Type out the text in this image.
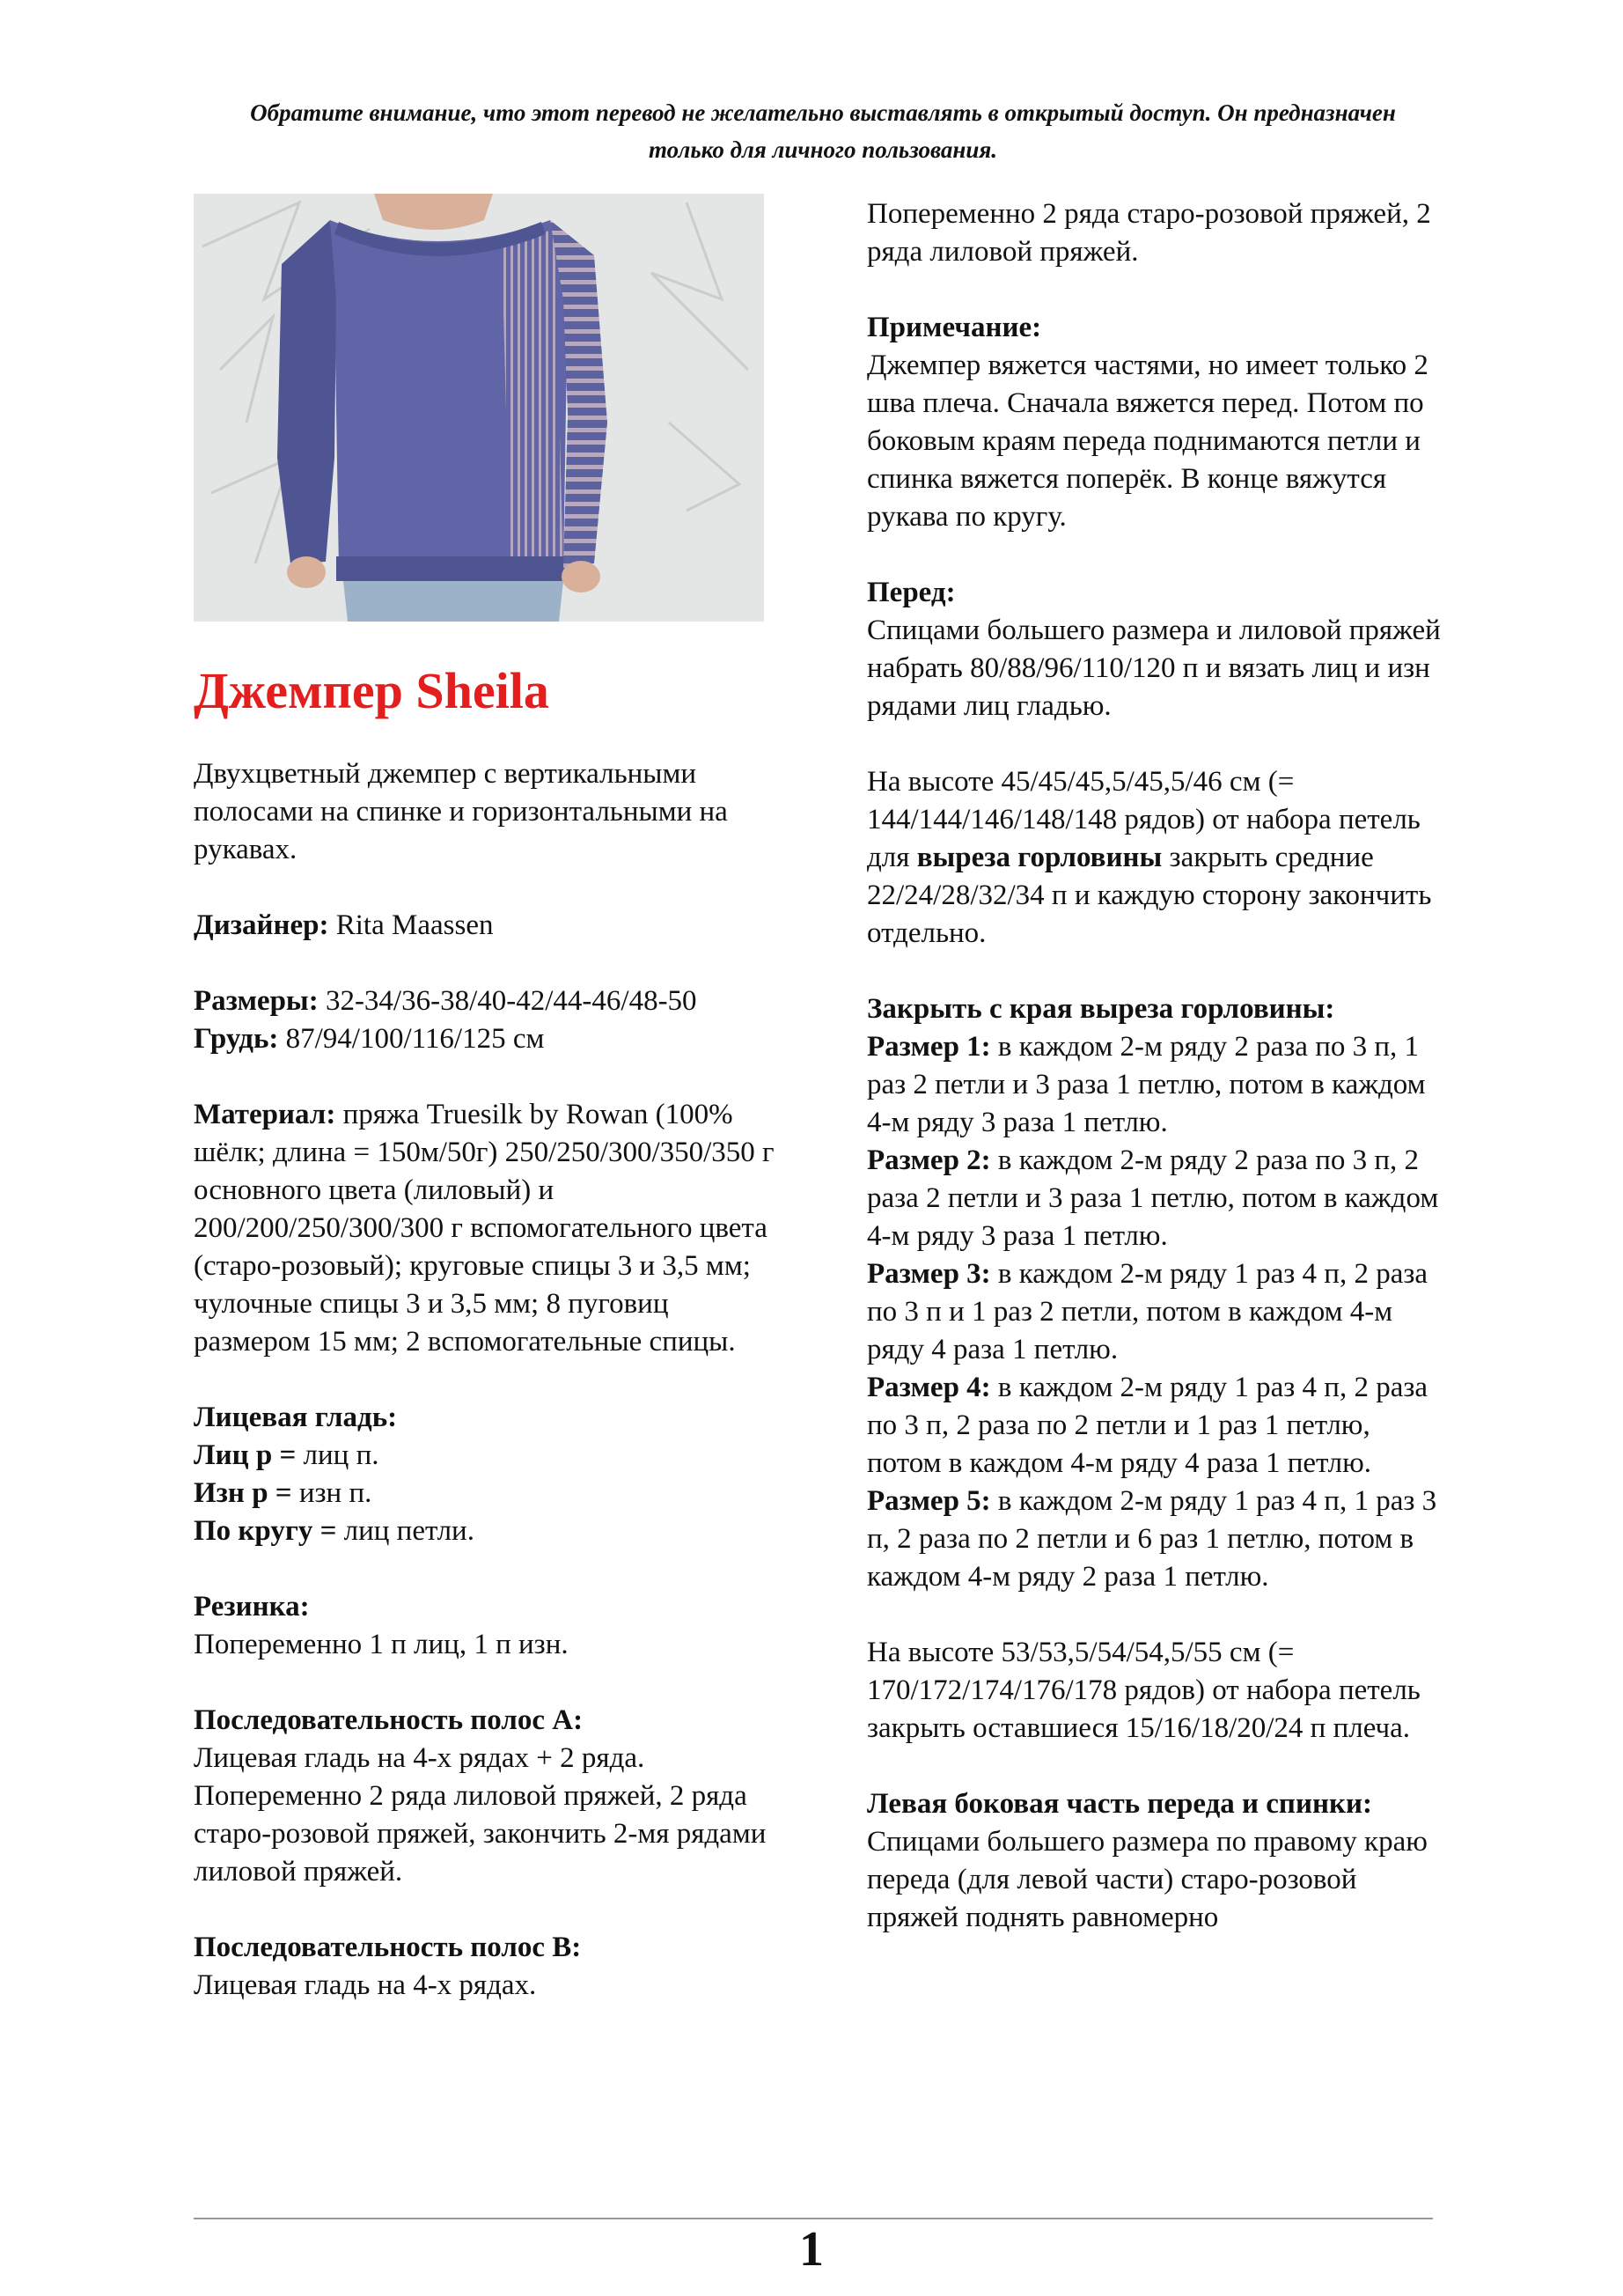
Обратите внимание, что этот перевод не желательно выставлять в открытый доступ. Он предназначен только для личного пользования.
Джемпер Sheila

Двухцветный джемпер с вертикальными полосами на спинке и горизонтальными на рукавах.

Дизайнер: Rita Maassen

Размеры: 32-34/36-38/40-42/44-46/48-50

Грудь: 87/94/100/116/125 см

Материал: пряжа Truesilk by Rowan (100% шёлк; длина = 150м/50г) 250/250/300/350/350 г основного цвета (лиловый) и 200/200/250/300/300 г вспомогательного цвета (старо-розовый); круговые спицы 3 и 3,5 мм; чулочные спицы 3 и 3,5 мм; 8 пуговиц размером 15 мм; 2 вспомогательные спицы.

Лицевая гладь:

Лиц р = лиц п.

Изн р = изн п.

По кругу = лиц петли.

Резинка:

Попеременно 1 п лиц, 1 п изн.

Последовательность полос А:

Лицевая гладь на 4-х рядах + 2 ряда. Попеременно 2 ряда лиловой пряжей, 2 ряда старо-розовой пряжей, закончить 2-мя рядами лиловой пряжей.

Последовательность полос В:

Лицевая гладь на 4-х рядах.

Попеременно 2 ряда старо-розовой пряжей, 2 ряда лиловой пряжей.

Примечание:

Джемпер вяжется частями, но имеет только 2 шва плеча. Сначала вяжется перед. Потом по боковым краям переда поднимаются петли и спинка вяжется поперёк. В конце вяжутся рукава по кругу.

Перед:

Спицами большего размера и лиловой пряжей набрать 80/88/96/110/120 п и вязать лиц и изн рядами лиц гладью.

На высоте 45/45/45,5/45,5/46 см (= 144/144/146/148/148 рядов) от набора петель для выреза горловины закрыть средние 22/24/28/32/34 п и каждую сторону закончить отдельно.

Закрыть с края выреза горловины:

Размер 1: в каждом 2-м ряду 2 раза по 3 п, 1 раз 2 петли и 3 раза 1 петлю, потом в каждом 4-м ряду 3 раза 1 петлю.

Размер 2: в каждом 2-м ряду 2 раза по 3 п, 2 раза 2 петли и 3 раза 1 петлю, потом в каждом 4-м ряду 3 раза 1 петлю.

Размер 3: в каждом 2-м ряду 1 раз 4 п, 2 раза по 3 п и 1 раз 2 петли, потом в каждом 4-м ряду 4 раза 1 петлю.

Размер 4: в каждом 2-м ряду 1 раз 4 п, 2 раза по 3 п, 2 раза по 2 петли и 1 раз 1 петлю, потом в каждом 4-м ряду 4 раза 1 петлю.

Размер 5: в каждом 2-м ряду 1 раз 4 п, 1 раз 3 п, 2 раза по 2 петли и 6 раз 1 петлю, потом в каждом 4-м ряду 2 раза 1 петлю.

На высоте 53/53,5/54/54,5/55 см (= 170/172/174/176/178 рядов) от набора петель закрыть оставшиеся 15/16/18/20/24 п плеча.

Левая боковая часть переда и спинки:

Спицами большего размера по правому краю переда (для левой части) старо-розовой пряжей поднять равномерно

1
